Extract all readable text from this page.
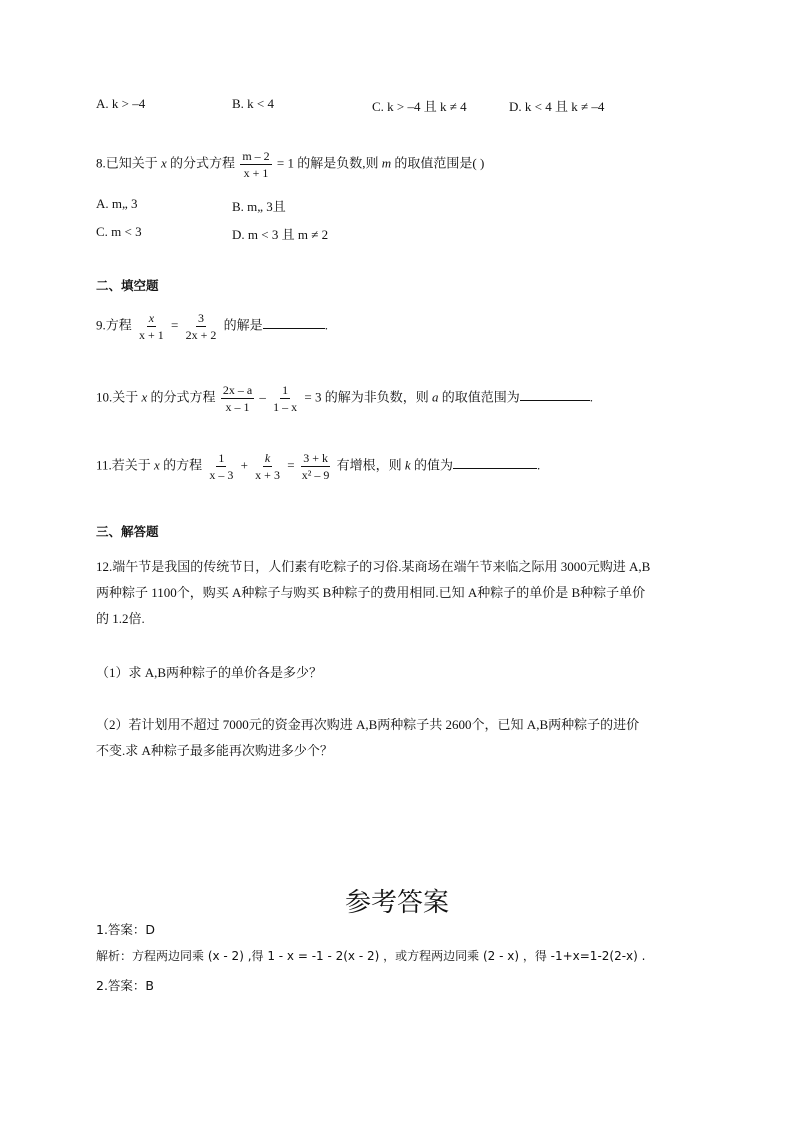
A. k > –4	B. k < 4	C. k > –4 且 k ≠ 4	D. k < 4 且 k ≠ –4
8.已知关于 x 的分式方程 $\frac{m - 2}{x + 1} = 1$ 的解是负数,则 m 的取值范围是( )
A. m„ 3	B. m„ 3且
C. m < 3	D. m < 3 且 m ≠ 2
二、填空题
9.方程 $\frac{x}{x + 1} = \frac{3}{2x + 2}$ 的解是	.
10.关于 x 的分式方程 $\frac{2x - a}{x - 1} - \frac{1}{1 - x} = 3$ 的解为非负数，则 a 的取值范围为	.
11.若关于 x 的方程 $\frac{1}{x - 3} + \frac{k}{x + 3} = \frac{3 + k}{\text{x² – 9}}$ 有增根，则 k 的值为	.
三、解答题
12.端午节是我国的传统节日，人们素有吃粽子的习俗.某商场在端午节来临之际用 3000元购进 A,B
两种粽子 1100个，购买 A种粽子与购买 B种粽子的费用相同.已知 A种粽子的单价是 B种粽子单价
的 1.2倍.
（1）求 A,B两种粽子的单价各是多少？
（2）若计划用不超过 7000元的资金再次购进 A,B两种粽子共 2600个，已知 A,B两种粽子的进价
不变.求 A种粽子最多能再次购进多少个？
参考答案
1.答案：D
解析：方程两边同乘 (x - 2) ,得 1 - x = -1 - 2(x - 2) ，或方程两边同乘 (2 - x) ，得 -1+x=1-2(2-x) .
2.答案：B
